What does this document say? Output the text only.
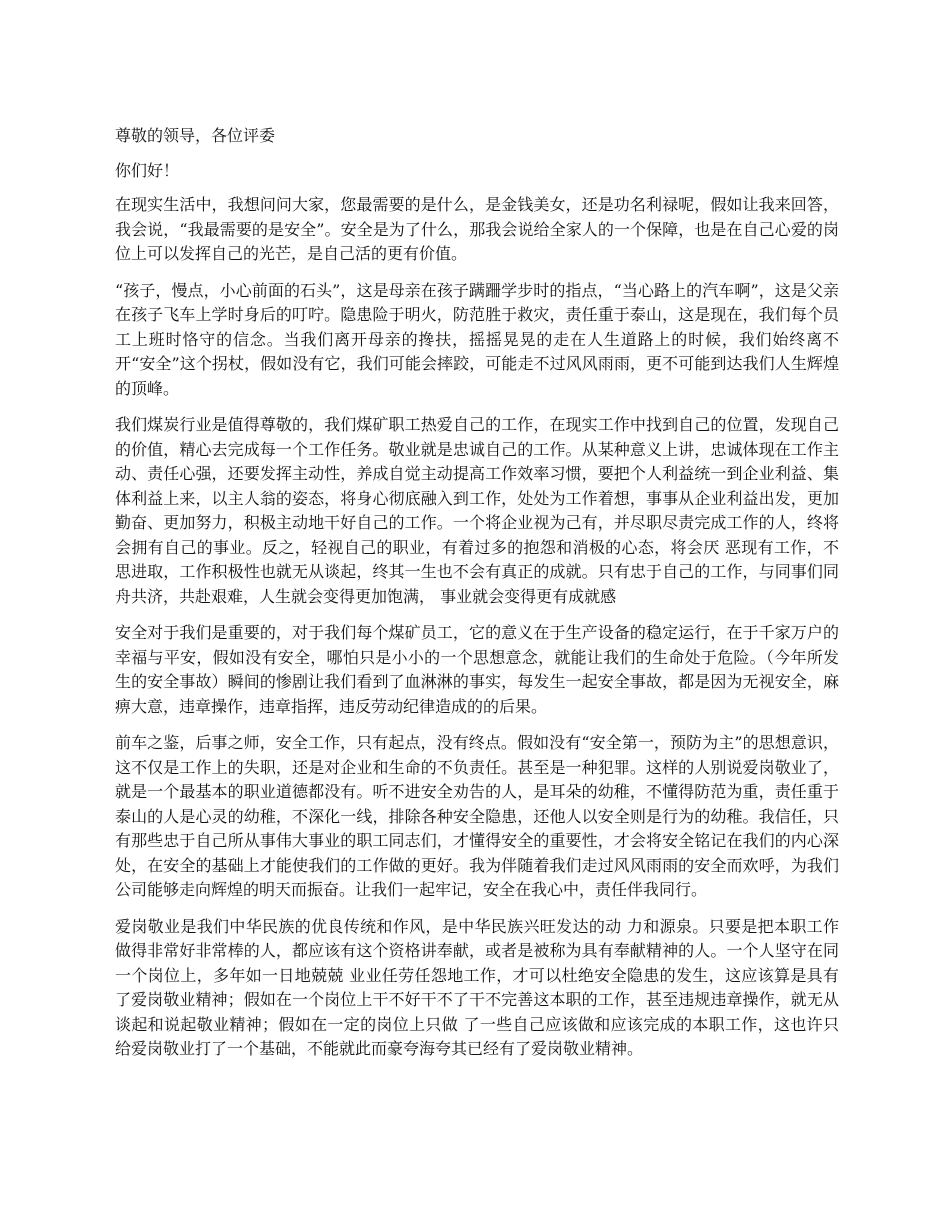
尊敬的领导，各位评委

你们好！

在现实生活中，我想问问大家，您最需要的是什么，是金钱美女，还是功名利禄呢，假如让我来回答，我会说，“我最需要的是安全”。安全是为了什么，那我会说给全家人的一个保障，也是在自己心爱的岗位上可以发挥自己的光芒，是自己活的更有价值。

“孩子，慢点，小心前面的石头”，这是母亲在孩子蹒跚学步时的指点，“当心路上的汽车啊”，这是父亲在孩子飞车上学时身后的叮咛。隐患险于明火，防范胜于救灾，责任重于泰山，这是现在，我们每个员工上班时恪守的信念。当我们离开母亲的搀扶，摇摇晃晃的走在人生道路上的时候，我们始终离不开“安全”这个拐杖，假如没有它，我们可能会摔跤，可能走不过风风雨雨，更不可能到达我们人生辉煌的顶峰。

我们煤炭行业是值得尊敬的，我们煤矿职工热爱自己的工作，在现实工作中找到自己的位置，发现自己的价值，精心去完成每一个工作任务。敬业就是忠诚自己的工作。从某种意义上讲，忠诚体现在工作主动、责任心强，还要发挥主动性，养成自觉主动提高工作效率习惯，要把个人利益统一到企业利益、集体利益上来，以主人翁的姿态，将身心彻底融入到工作，处处为工作着想，事事从企业利益出发，更加勤奋、更加努力，积极主动地干好自己的工作。一个将企业视为己有，并尽职尽责完成工作的人，终将会拥有自己的事业。反之，轻视自己的职业，有着过多的抱怨和消极的心态，将会厌 恶现有工作，不思进取，工作积极性也就无从谈起，终其一生也不会有真正的成就。只有忠于自己的工作，与同事们同舟共济，共赴艰难，人生就会变得更加饱满， 事业就会变得更有成就感

安全对于我们是重要的，对于我们每个煤矿员工，它的意义在于生产设备的稳定运行，在于千家万户的幸福与平安，假如没有安全，哪怕只是小小的一个思想意念，就能让我们的生命处于危险。（今年所发生的安全事故）瞬间的惨剧让我们看到了血淋淋的事实，每发生一起安全事故，都是因为无视安全，麻痹大意，违章操作，违章指挥，违反劳动纪律造成的的后果。

前车之鉴，后事之师，安全工作，只有起点，没有终点。假如没有“安全第一，预防为主”的思想意识，这不仅是工作上的失职，还是对企业和生命的不负责任。甚至是一种犯罪。这样的人别说爱岗敬业了，就是一个最基本的职业道德都没有。听不进安全劝告的人，是耳朵的幼稚，不懂得防范为重，责任重于泰山的人是心灵的幼稚，不深化一线，排除各种安全隐患，还他人以安全则是行为的幼稚。我信任，只有那些忠于自己所从事伟大事业的职工同志们，才懂得安全的重要性，才会将安全铭记在我们的内心深处，在安全的基础上才能使我们的工作做的更好。我为伴随着我们走过风风雨雨的安全而欢呼，为我们公司能够走向辉煌的明天而振奋。让我们一起牢记，安全在我心中，责任伴我同行。

爱岗敬业是我们中华民族的优良传统和作风，是中华民族兴旺发达的动 力和源泉。只要是把本职工作做得非常好非常棒的人，都应该有这个资格讲奉献，或者是被称为具有奉献精神的人。一个人坚守在同一个岗位上，多年如一日地兢兢 业业任劳任怨地工作，才可以杜绝安全隐患的发生，这应该算是具有了爱岗敬业精神；假如在一个岗位上干不好干不了干不完善这本职的工作，甚至违规违章操作，就无从谈起和说起敬业精神；假如在一定的岗位上只做 了一些自己应该做和应该完成的本职工作，这也许只给爱岗敬业打了一个基础，不能就此而豪夸海夸其已经有了爱岗敬业精神。
